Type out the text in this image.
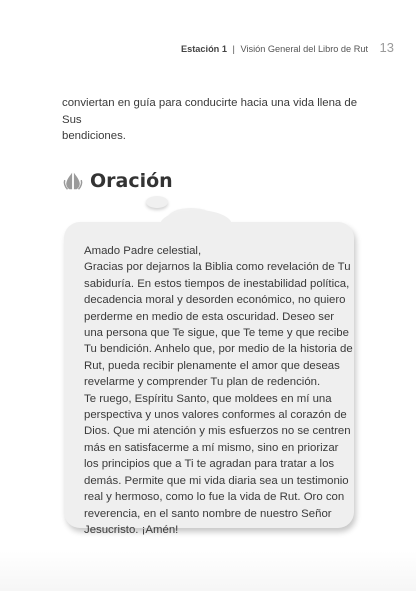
Estación 1 | Visión General del Libro de Rut 13
conviertan en guía para conducirte hacia una vida llena de Sus
bendiciones.
Oración
Amado Padre celestial,
Gracias por dejarnos la Biblia como revelación de Tu
sabiduría. En estos tiempos de inestabilidad política,
decadencia moral y desorden económico, no quiero
perderme en medio de esta oscuridad. Deseo ser
una persona que Te sigue, que Te teme y que recibe
Tu bendición. Anhelo que, por medio de la historia de
Rut, pueda recibir plenamente el amor que deseas
revelarme y comprender Tu plan de redención.
Te ruego, Espíritu Santo, que moldees en mí una
perspectiva y unos valores conformes al corazón de
Dios. Que mi atención y mis esfuerzos no se centren
más en satisfacerme a mí mismo, sino en priorizar
los principios que a Ti te agradan para tratar a los
demás. Permite que mi vida diaria sea un testimonio
real y hermoso, como lo fue la vida de Rut. Oro con
reverencia, en el santo nombre de nuestro Señor
Jesucristo. ¡Amén!
